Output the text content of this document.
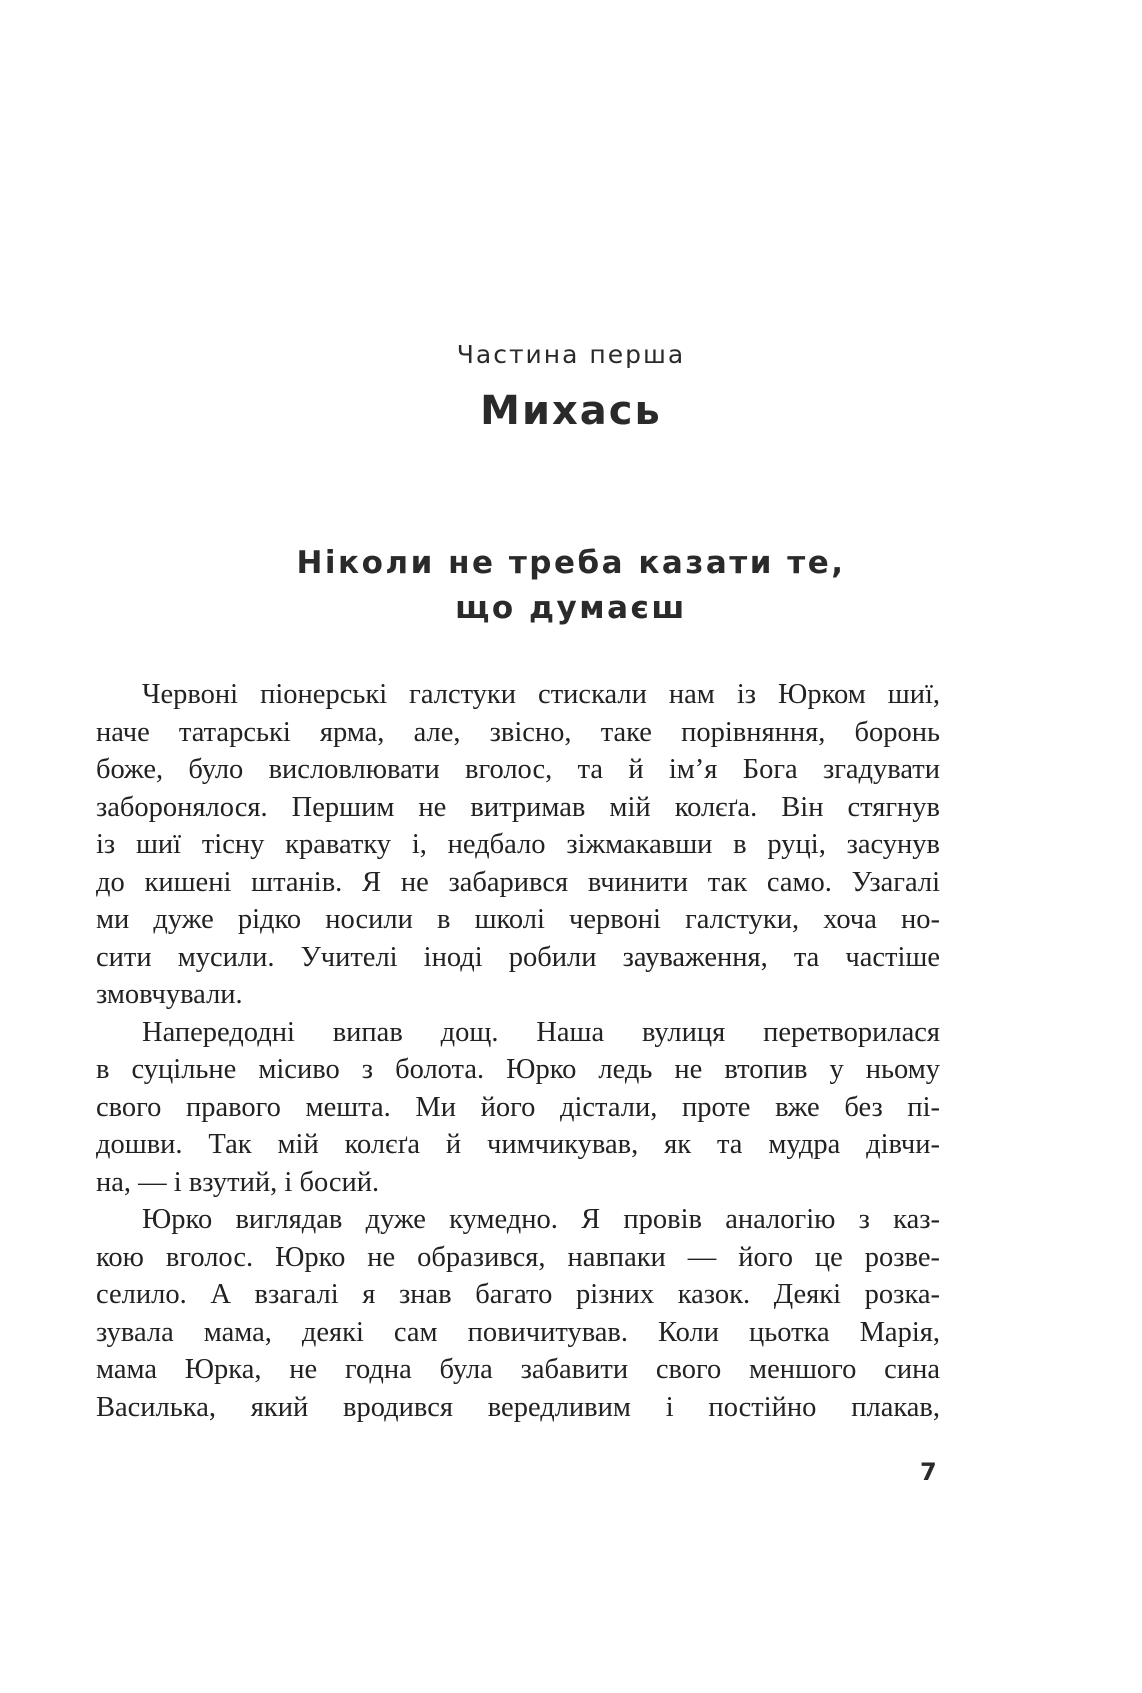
Частина перша
Михась
Ніколи не треба казати те,
що думаєш
Червоні піонерські галстуки стискали нам із Юрком шиї,
наче татарські ярма, але, звісно, таке порівняння, боронь
боже, було висловлювати вголос, та й ім’я Бога згадувати
заборонялося. Першим не витримав мій колєґа. Він стягнув
із шиї тісну краватку і, недбало зіжмакавши в руці, засунув
до кишені штанів. Я не забарився вчинити так само. Узагалі
ми дуже рідко носили в школі червоні галстуки, хоча но-
сити мусили. Учителі іноді робили зауваження, та частіше
змовчували.
Напередодні випав дощ. Наша вулиця перетворилася
в суцільне місиво з болота. Юрко ледь не втопив у ньому
свого правого мешта. Ми його дістали, проте вже без пі-
дошви. Так мій колєґа й чимчикував, як та мудра дівчи-
на, — і взутий, і босий.
Юрко виглядав дуже кумедно. Я провів аналогію з каз-
кою вголос. Юрко не образився, навпаки — його це розве-
селило. А взагалі я знав багато різних казок. Деякі розка-
зувала мама, деякі сам повичитував. Коли цьотка Марія,
мама Юрка, не годна була забавити свого меншого сина
Василька, який вродився вередливим і постійно плакав,
7
